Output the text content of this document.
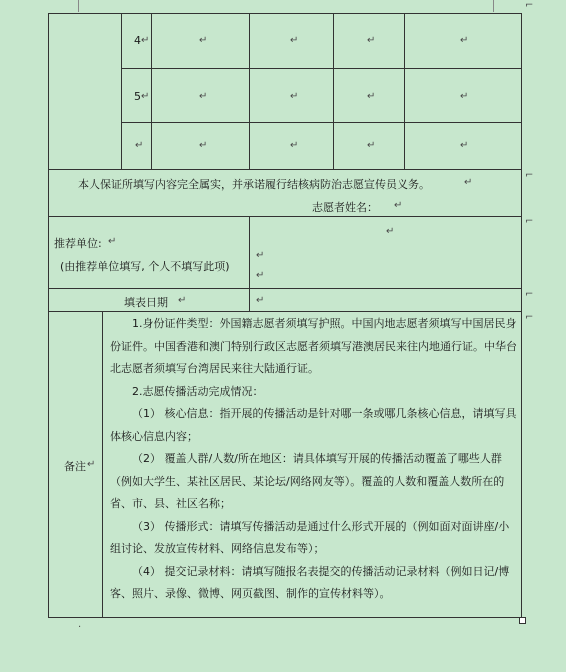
4 ↵	↵	↵	↵	↵
5 ↵	↵	↵	↵	↵
↵	↵	↵	↵	↵
本人保证所填写内容完全属实，并承诺履行结核病防治志愿宣传员义务。	↵
志愿者姓名： ↵
推荐单位: ↵
(由推荐单位填写, 个人不填写此项)
↵
↵
↵
填表日期 ↵	↵
备注 ↵

1.身份证件类型：外国籍志愿者须填写护照。中国内地志愿者须填写中国居民身份证件。中国香港和澳门特别行政区志愿者须填写港澳居民来往内地通行证。中华台北志愿者须填写台湾居民来往大陆通行证。

2.志愿传播活动完成情况：

（1） 核心信息：指开展的传播活动是针对哪一条或哪几条核心信息，请填写具体核心信息内容；

（2） 覆盖人群/人数/所在地区：请具体填写开展的传播活动覆盖了哪些人群（例如大学生、某社区居民、某论坛/网络网友等）。覆盖的人数和覆盖人数所在的省、市、县、社区名称；

（3） 传播形式：请填写传播活动是通过什么形式开展的（例如面对面讲座/小组讨论、发放宣传材料、网络信息发布等）；

（4） 提交记录材料：请填写随报名表提交的传播活动记录材料（例如日记/博客、照片、录像、微博、网页截图、制作的宣传材料等）。

⌐
⌐
⌐
⌐
⌐
·
